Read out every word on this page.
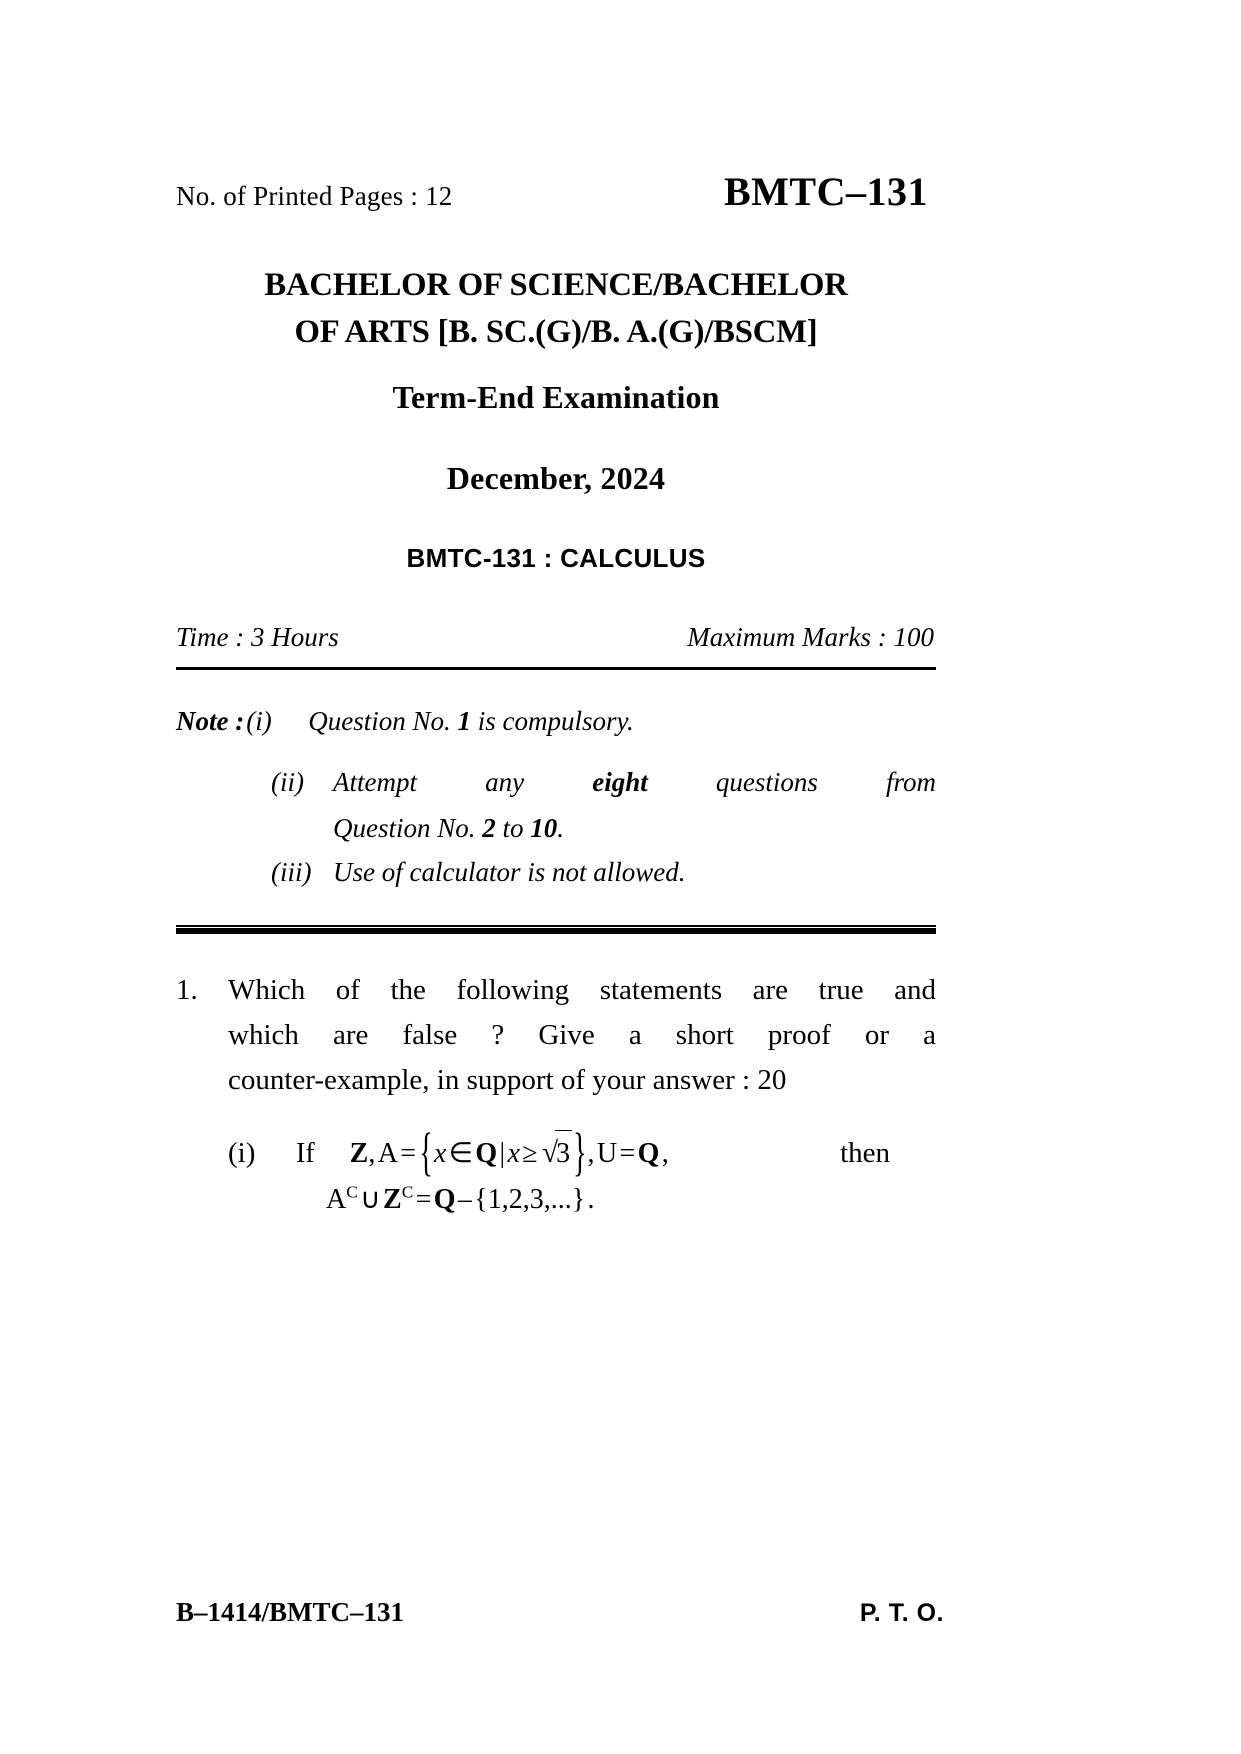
No. of Printed Pages : 12	BMTC–131
BACHELOR OF SCIENCE/BACHELOR
OF ARTS [B. SC.(G)/B. A.(G)/BSCM]
Term-End Examination
December, 2024
BMTC-131 : CALCULUS
Time : 3 Hours	Maximum Marks : 100
Note : (i)	Question No. 1 is compulsory.
(ii)	Attempt	any	eight	questions	from
Question No. 2 to 10.
(iii) Use of calculator is not allowed.
1.	Which of the following statements are true and
which are false ? Give a short proof or a
counter-example, in support of your answer : 20
(i)	If Z, A =  {x ∈ Q | x ≥  √3 }, U = Q ,	then
$A^C$ ∪ $Z^C$ = Q – {1,2,3,...} .
B–1414/BMTC–131	P. T. O.
